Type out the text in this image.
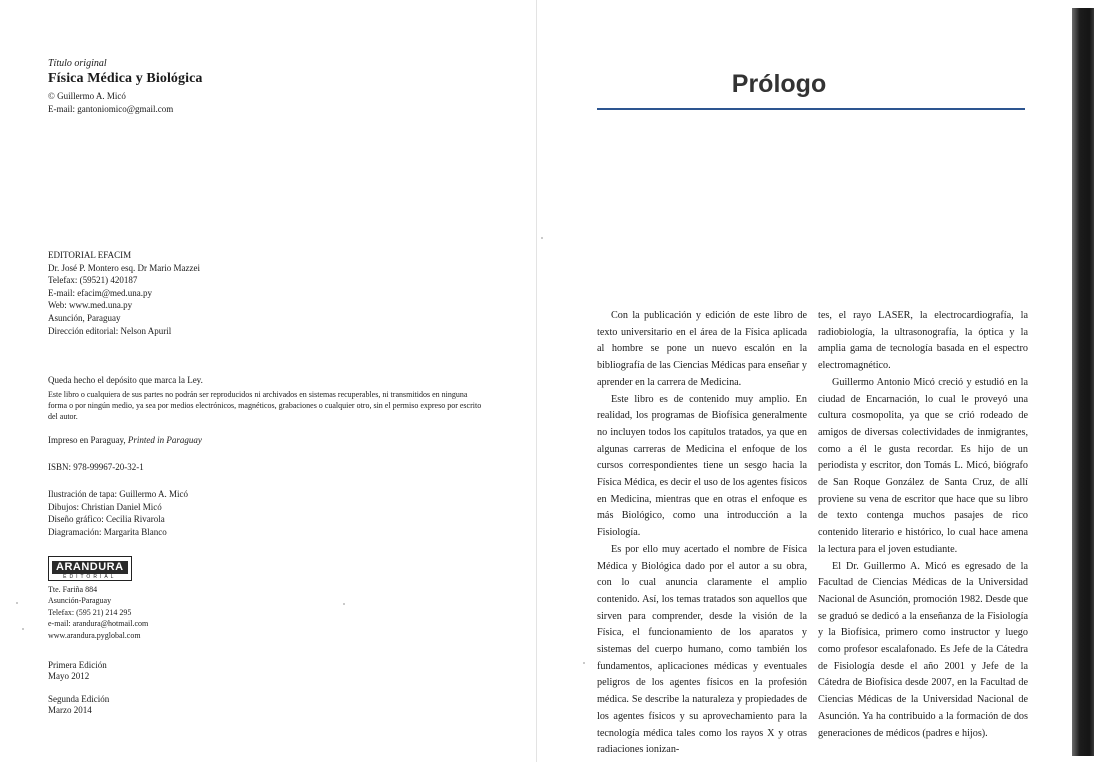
Título original
Física Médica y Biológica
© Guillermo A. Micó
E-mail: gantoniomico@gmail.com
EDITORIAL EFACIM
Dr. José P. Montero esq. Dr Mario Mazzei
Telefax: (59521) 420187
E-mail: efacim@med.una.py
Web: www.med.una.py
Asunción, Paraguay
Dirección editorial: Nelson Apuril
Queda hecho el depósito que marca la Ley.
Este libro o cualquiera de sus partes no podrán ser reproducidos ni archivados en sistemas recuperables, ni transmitidos en ninguna forma o por ningún medio, ya sea por medios electrónicos, magnéticos, grabaciones o cualquier otro, sin el permiso expreso por escrito del autor.
Impreso en Paraguay, Printed in Paraguay
ISBN: 978-99967-20-32-1
Ilustración de tapa: Guillermo A. Micó
Dibujos: Christian Daniel Micó
Diseño gráfico: Cecilia Rivarola
Diagramación: Margarita Blanco
ARANDURA
EDITORIAL
Tte. Fariña 884
Asunción-Paraguay
Telefax: (595 21) 214 295
e-mail: arandura@hotmail.com
www.arandura.pyglobal.com
Primera Edición
Mayo 2012
Segunda Edición
Marzo 2014
Prólogo

Con la publicación y edición de este libro de texto universitario en el área de la Física aplicada al hombre se pone un nuevo escalón en la bibliografía de las Ciencias Médicas para enseñar y aprender en la carrera de Medicina.

Este libro es de contenido muy amplio. En realidad, los programas de Biofísica generalmente no incluyen todos los capítulos tratados, ya que en algunas carreras de Medicina el enfoque de los cursos correspondientes tiene un sesgo hacia la Física Médica, es decir el uso de los agentes físicos en Medicina, mientras que en otras el enfoque es más Biológico, como una introducción a la Fisiología.

Es por ello muy acertado el nombre de Física Médica y Biológica dado por el autor a su obra, con lo cual anuncia claramente el amplio contenido. Así, los temas tratados son aquellos que sirven para comprender, desde la visión de la Física, el funcionamiento de los aparatos y sistemas del cuerpo humano, como también los fundamentos, aplicaciones médicas y eventuales peligros de los agentes físicos en la profesión médica. Se describe la naturaleza y propiedades de los agentes físicos y su aprovechamiento para la tecnología médica tales como los rayos X y otras radiaciones ionizan-

tes, el rayo LASER, la electrocardiografía, la radiobiología, la ultrasonografía, la óptica y la amplia gama de tecnología basada en el espectro electromagnético.

Guillermo Antonio Micó creció y estudió en la ciudad de Encarnación, lo cual le proveyó una cultura cosmopolita, ya que se crió rodeado de amigos de diversas colectividades de inmigrantes, como a él le gusta recordar. Es hijo de un periodista y escritor, don Tomás L. Micó, biógrafo de San Roque González de Santa Cruz, de allí proviene su vena de escritor que hace que su libro de texto contenga muchos pasajes de rico contenido literario e histórico, lo cual hace amena la lectura para el joven estudiante.

El Dr. Guillermo A. Micó es egresado de la Facultad de Ciencias Médicas de la Universidad Nacional de Asunción, promoción 1982. Desde que se graduó se dedicó a la enseñanza de la Fisiología y la Biofísica, primero como instructor y luego como profesor escalafonado. Es Jefe de la Cátedra de Fisiología desde el año 2001 y Jefe de la Cátedra de Biofísica desde 2007, en la Facultad de Ciencias Médicas de la Universidad Nacional de Asunción. Ya ha contribuido a la formación de dos generaciones de médicos (padres e hijos).
